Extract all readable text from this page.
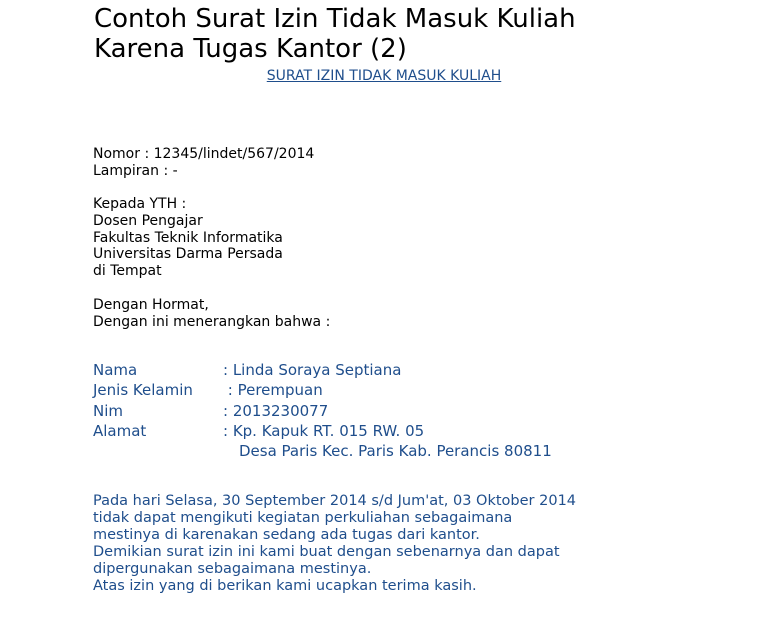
Contoh Surat Izin Tidak Masuk Kuliah
Karena Tugas Kantor (2)
SURAT IZIN TIDAK MASUK KULIAH
Nomor : 12345/lindet/567/2014
Lampiran : -
Kepada YTH :
Dosen Pengajar
Fakultas Teknik Informatika
Universitas Darma Persada
di Tempat
Dengan Hormat,
Dengan ini menerangkan bahwa :
Nama	: Linda Soraya Septiana
Jenis Kelamin : Perempuan
Nim	: 2013230077
Alamat	: Kp. Kapuk RT. 015 RW. 05
Desa Paris Kec. Paris Kab. Perancis 80811
Pada hari Selasa, 30 September 2014 s/d Jum'at, 03 Oktober 2014
tidak dapat mengikuti kegiatan perkuliahan sebagaimana
mestinya di karenakan sedang ada tugas dari kantor.
Demikian surat izin ini kami buat dengan sebenarnya dan dapat
dipergunakan sebagaimana mestinya.
Atas izin yang di berikan kami ucapkan terima kasih.
